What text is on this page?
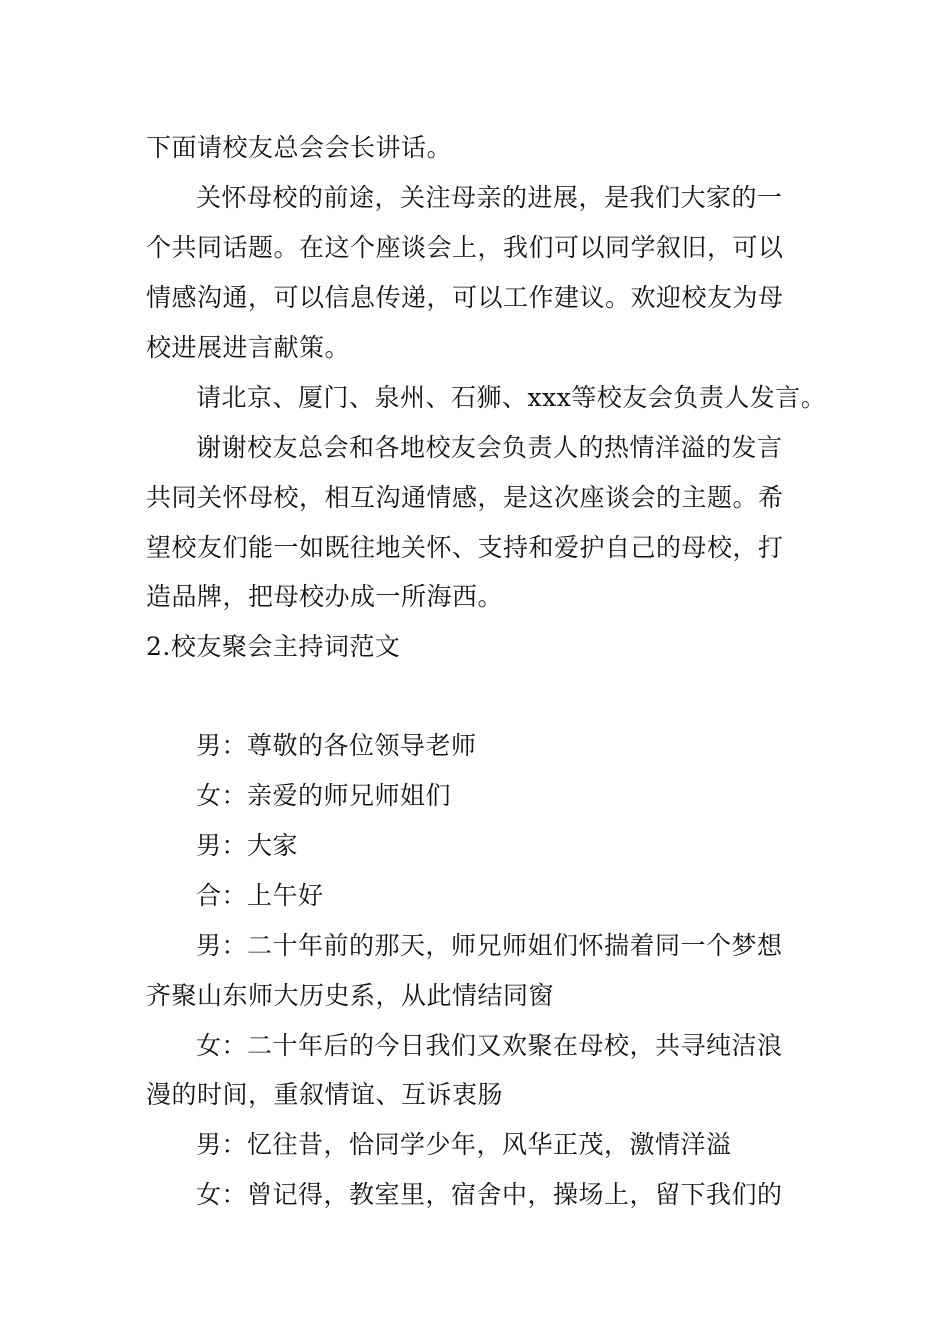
下面请校友总会会长讲话。
关怀母校的前途，关注母亲的进展，是我们大家的一
个共同话题。在这个座谈会上，我们可以同学叙旧，可以
情感沟通，可以信息传递，可以工作建议。欢迎校友为母
校进展进言献策。
请北京、厦门、泉州、石狮、xxx等校友会负责人发言。
谢谢校友总会和各地校友会负责人的热情洋溢的发言
共同关怀母校，相互沟通情感，是这次座谈会的主题。希
望校友们能一如既往地关怀、支持和爱护自己的母校，打
造品牌，把母校办成一所海西。
2.校友聚会主持词范文
男：尊敬的各位领导老师
女：亲爱的师兄师姐们
男：大家
合：上午好
男：二十年前的那天，师兄师姐们怀揣着同一个梦想
齐聚山东师大历史系，从此情结同窗
女：二十年后的今日我们又欢聚在母校，共寻纯洁浪
漫的时间，重叙情谊、互诉衷肠
男：忆往昔，恰同学少年，风华正茂，激情洋溢
女：曾记得，教室里，宿舍中，操场上，留下我们的
